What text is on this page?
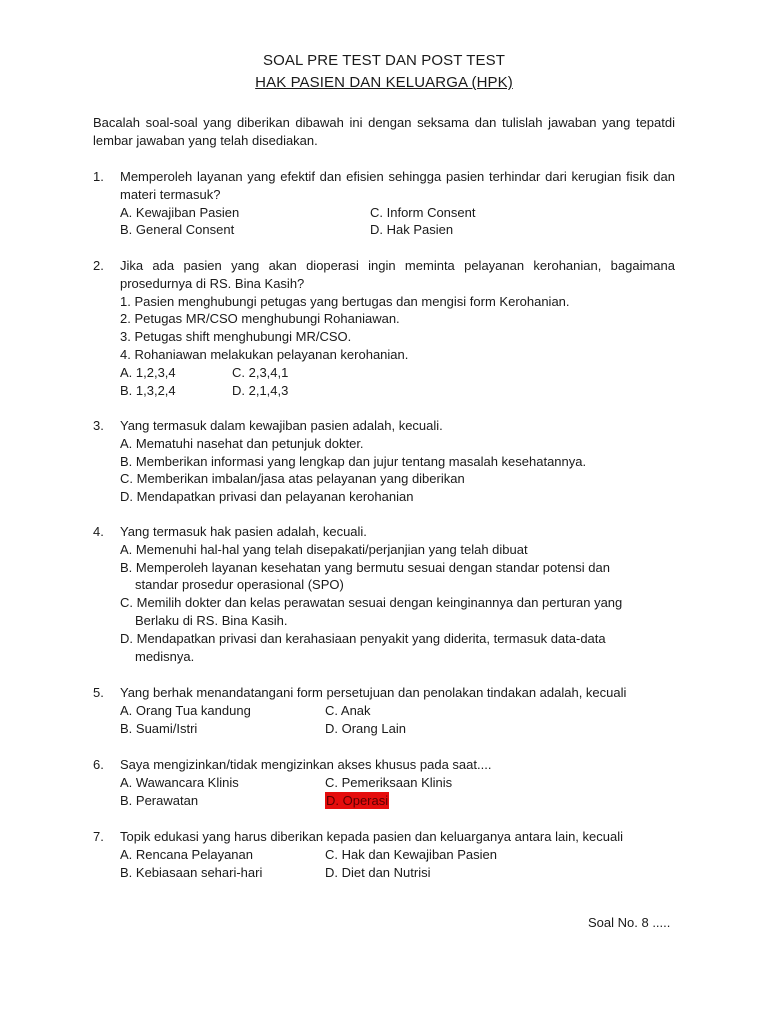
SOAL PRE TEST DAN POST TEST
HAK PASIEN DAN KELUARGA (HPK)
Bacalah soal-soal yang diberikan dibawah ini dengan seksama dan tulislah jawaban yang tepatdi lembar jawaban yang telah disediakan.
1. Memperoleh layanan yang efektif dan efisien sehingga pasien terhindar dari kerugian fisik dan materi termasuk?
A. Kewajiban Pasien	C. Inform Consent
B. General Consent	D. Hak Pasien
2. Jika ada pasien yang akan dioperasi ingin meminta pelayanan kerohanian, bagaimana prosedurnya di RS. Bina Kasih?
1. Pasien menghubungi petugas yang bertugas dan mengisi form Kerohanian.
2. Petugas MR/CSO menghubungi Rohaniawan.
3. Petugas shift menghubungi MR/CSO.
4. Rohaniawan melakukan pelayanan kerohanian.
A. 1,2,3,4	C. 2,3,4,1
B. 1,3,2,4	D. 2,1,4,3
3. Yang termasuk dalam kewajiban pasien adalah, kecuali.
A. Mematuhi nasehat dan petunjuk dokter.
B. Memberikan informasi yang lengkap dan jujur tentang masalah kesehatannya.
C. Memberikan imbalan/jasa atas pelayanan yang diberikan
D. Mendapatkan privasi dan pelayanan kerohanian
4. Yang termasuk hak pasien adalah, kecuali.
A. Memenuhi hal-hal yang telah disepakati/perjanjian yang telah dibuat
B. Memperoleh layanan kesehatan yang bermutu sesuai dengan standar potensi dan
standar prosedur operasional (SPO)
C. Memilih dokter dan kelas perawatan sesuai dengan keinginannya dan perturan yang
Berlaku di RS. Bina Kasih.
D. Mendapatkan privasi dan kerahasiaan penyakit yang diderita, termasuk data-data
medisnya.
5. Yang berhak menandatangani form persetujuan dan penolakan tindakan adalah, kecuali
A. Orang Tua kandung	C. Anak
B. Suami/Istri	D. Orang Lain
6. Saya mengizinkan/tidak mengizinkan akses khusus pada saat....
A. Wawancara Klinis	C. Pemeriksaan Klinis
B. Perawatan	D. Operasi
7. Topik edukasi yang harus diberikan kepada pasien dan keluarganya antara lain, kecuali
A. Rencana Pelayanan	C. Hak dan Kewajiban Pasien
B. Kebiasaan sehari-hari	D. Diet dan Nutrisi
Soal No. 8 .....
